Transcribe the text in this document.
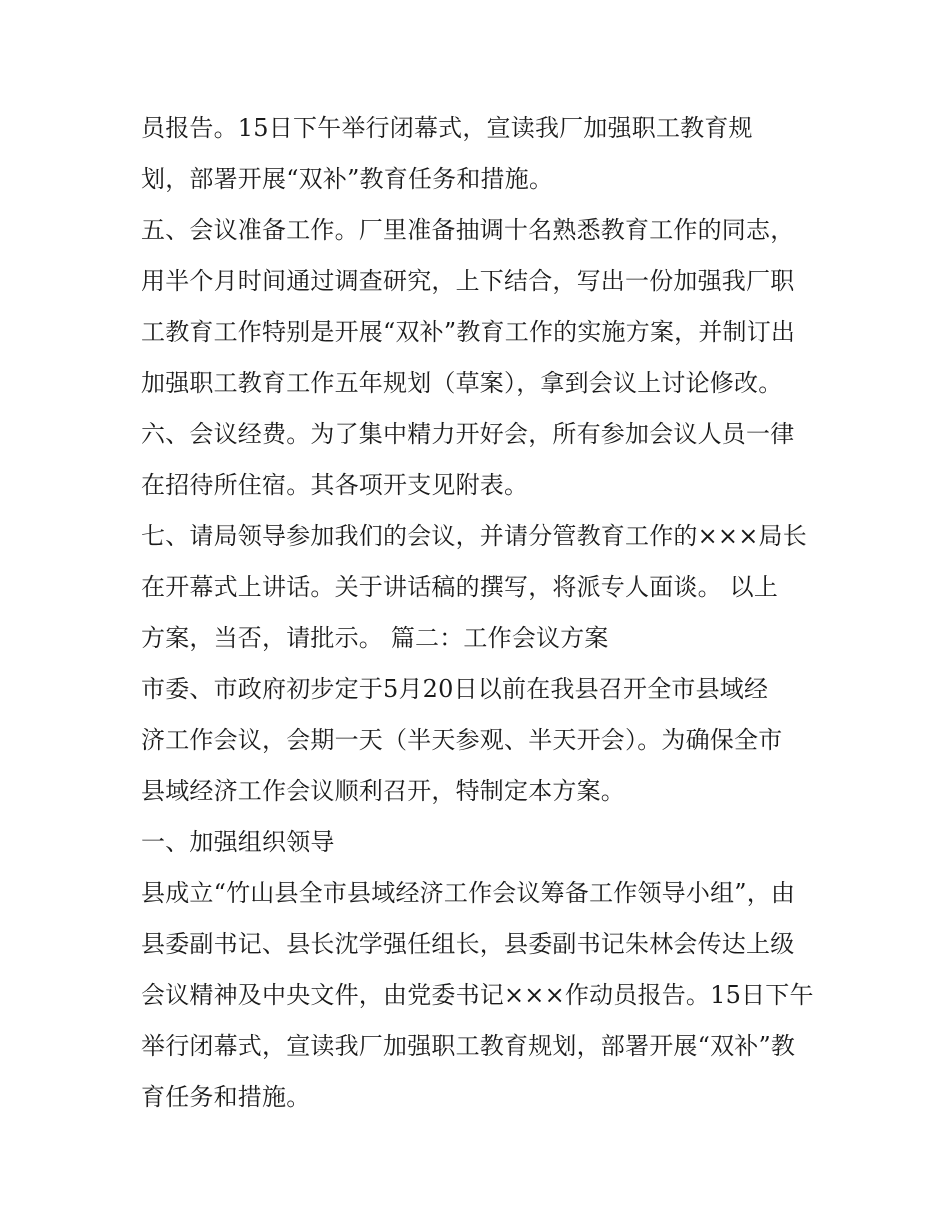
员报告。15日下午举行闭幕式，宣读我厂加强职工教育规
划，部署开展“双补”教育任务和措施。
五、会议准备工作。厂里准备抽调十名熟悉教育工作的同志，
用半个月时间通过调查研究，上下结合，写出一份加强我厂职
工教育工作特别是开展“双补”教育工作的实施方案，并制订出
加强职工教育工作五年规划（草案），拿到会议上讨论修改。
六、会议经费。为了集中精力开好会，所有参加会议人员一律
在招待所住宿。其各项开支见附表。
七、请局领导参加我们的会议，并请分管教育工作的×××局长
在开幕式上讲话。关于讲话稿的撰写，将派专人面谈。 以上
方案，当否，请批示。 篇二：工作会议方案
市委、市政府初步定于5月20日以前在我县召开全市县域经
济工作会议，会期一天（半天参观、半天开会）。为确保全市
县域经济工作会议顺利召开，特制定本方案。
一、加强组织领导
县成立“竹山县全市县域经济工作会议筹备工作领导小组”，由
县委副书记、县长沈学强任组长，县委副书记朱林会传达上级
会议精神及中央文件，由党委书记×××作动员报告。15日下午
举行闭幕式，宣读我厂加强职工教育规划，部署开展“双补”教
育任务和措施。
